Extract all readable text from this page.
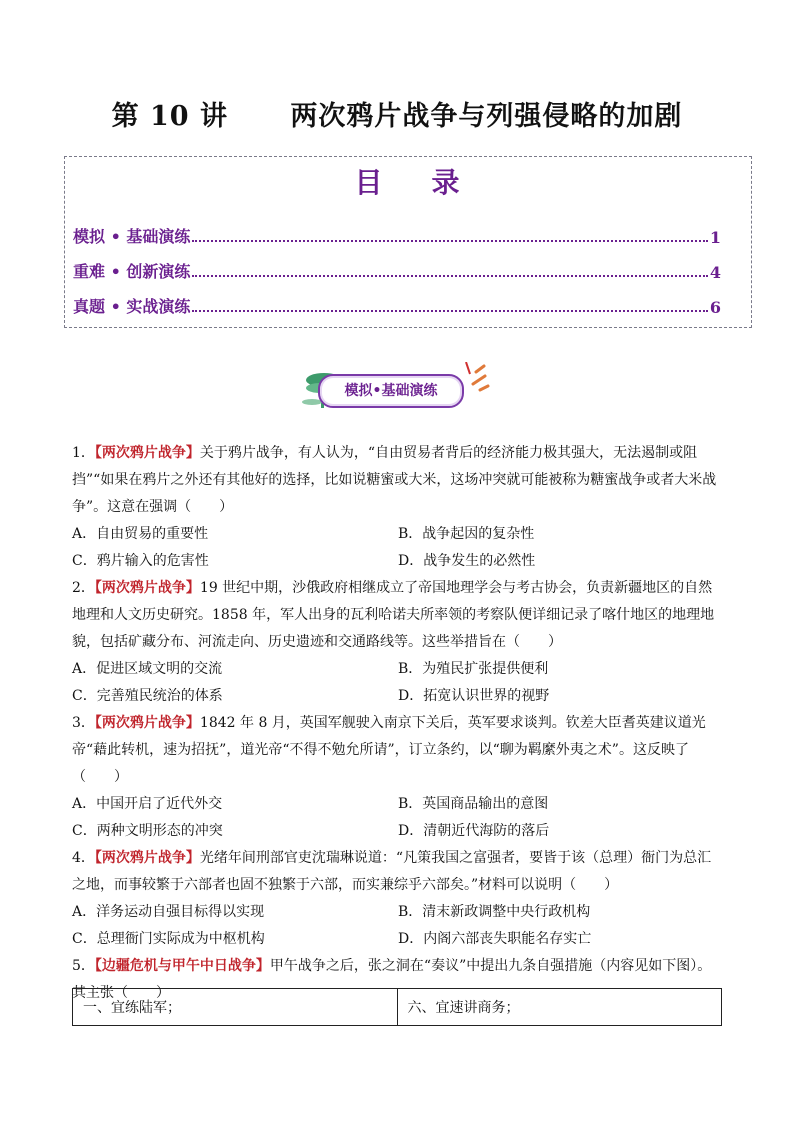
第 10 讲      两次鸦片战争与列强侵略的加剧
目    录
模拟 • 基础演练	1
重难 • 创新演练	4
真题 • 实战演练	6
模拟•基础演练
1．【两次鸦片战争】关于鸦片战争，有人认为，“自由贸易者背后的经济能力极其强大，无法遏制或阻挡”“如果在鸦片之外还有其他好的选择，比如说糖蜜或大米，这场冲突就可能被称为糖蜜战争或者大米战争”。这意在强调（　　）
A．自由贸易的重要性	B．战争起因的复杂性
C．鸦片输入的危害性	D．战争发生的必然性
2．【两次鸦片战争】19 世纪中期，沙俄政府相继成立了帝国地理学会与考古协会，负责新疆地区的自然地理和人文历史研究。1858 年，军人出身的瓦利哈诺夫所率领的考察队便详细记录了喀什地区的地理地貌，包括矿藏分布、河流走向、历史遗迹和交通路线等。这些举措旨在（　　）
A．促进区域文明的交流	B．为殖民扩张提供便利
C．完善殖民统治的体系	D．拓宽认识世界的视野
3．【两次鸦片战争】1842 年 8 月，英国军舰驶入南京下关后，英军要求谈判。钦差大臣耆英建议道光帝“藉此转机，速为招抚”，道光帝“不得不勉允所请”，订立条约，以“聊为羁縻外夷之术”。这反映了（　　）
A．中国开启了近代外交	B．英国商品输出的意图
C．两种文明形态的冲突	D．清朝近代海防的落后
4．【两次鸦片战争】光绪年间刑部官吏沈瑞琳说道：“凡策我国之富强者，要皆于该（总理）衙门为总汇之地，而事较繁于六部者也固不独繁于六部，而实兼综乎六部矣。”材料可以说明（　　）
A．洋务运动自强目标得以实现	B．清末新政调整中央行政机构
C．总理衙门实际成为中枢机构	D．内阁六部丧失职能名存实亡
5．【边疆危机与甲午中日战争】甲午战争之后，张之洞在“奏议”中提出九条自强措施（内容见如下图）。其主张（　　）
一、宜练陆军；	六、宜速讲商务；
